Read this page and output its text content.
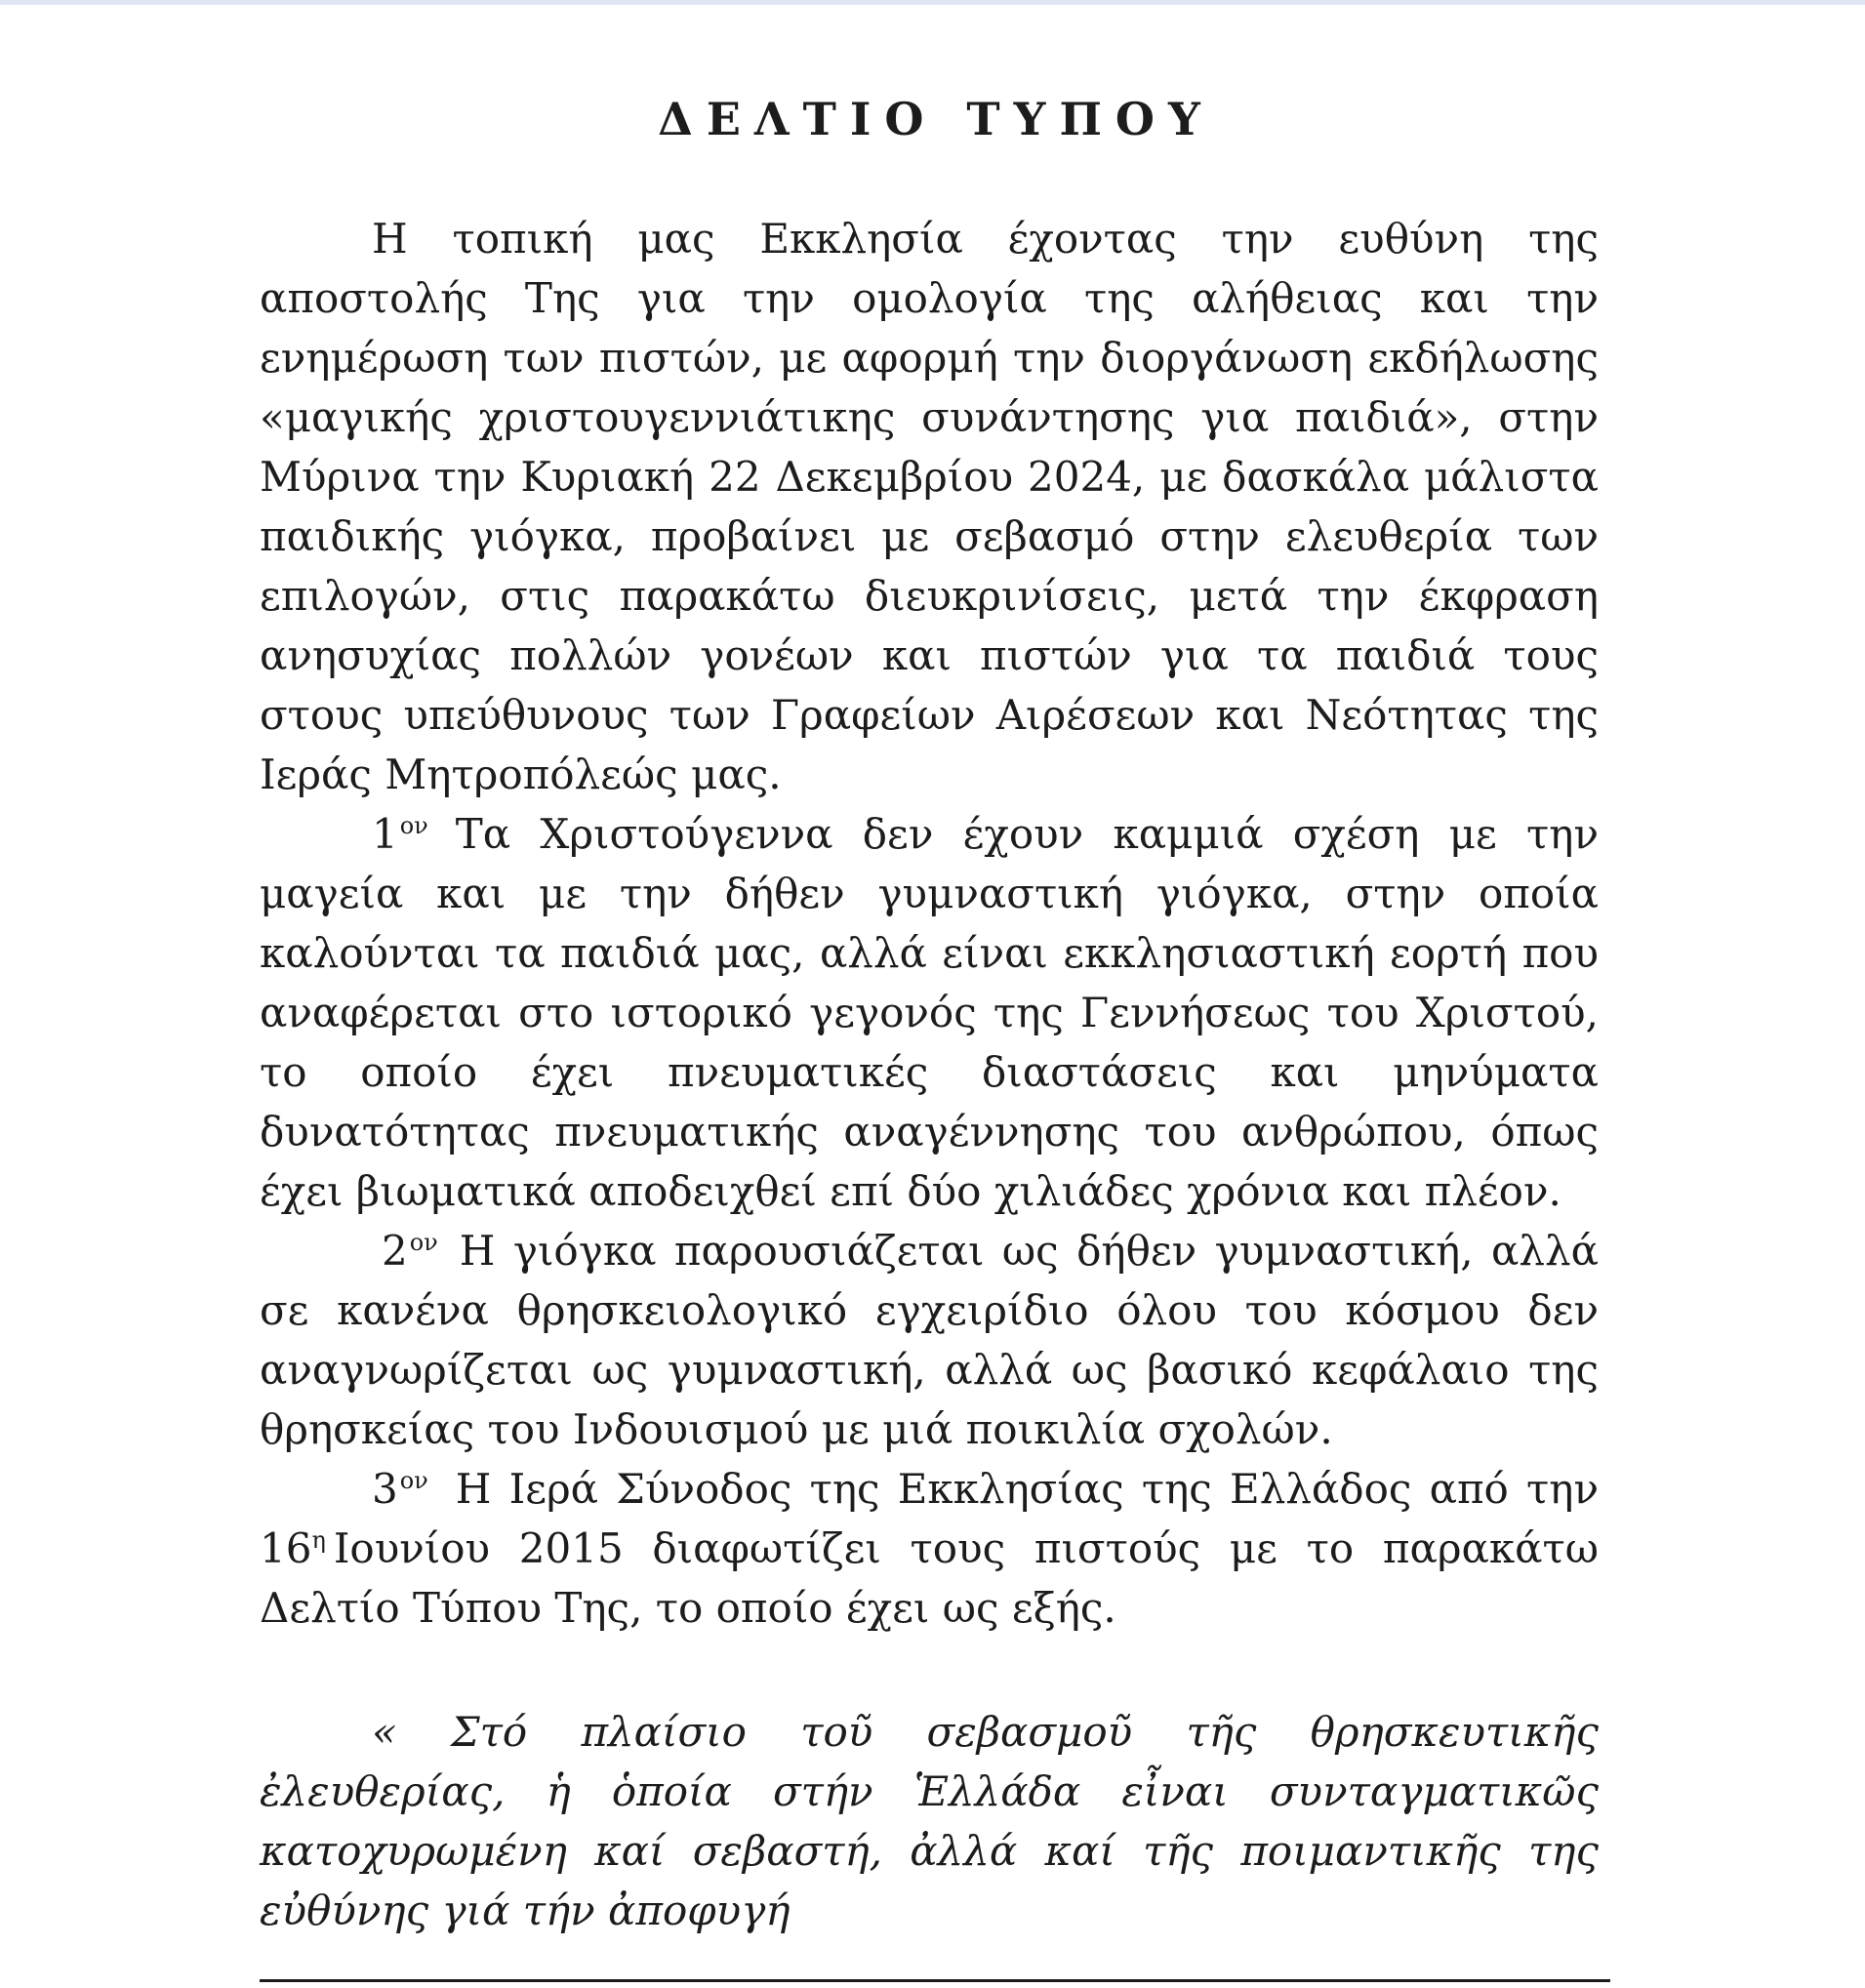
ΔΕΛΤΙΟ ΤΥΠΟΥ

Η τοπική μας Εκκλησία έχοντας την ευθύνη της αποστολής Της για την ομολογία της αλήθειας και την ενημέρωση των πιστών, με αφορμή την διοργάνωση εκδήλωσης «μαγικής χριστουγεννιάτικης συνάντησης για παιδιά», στην Μύρινα την Κυριακή 22 Δεκεμβρίου 2024, με δασκάλα μάλιστα παιδικής γιόγκα, προβαίνει με σεβασμό στην ελευθερία των επιλογών, στις παρακάτω διευκρινίσεις, μετά την έκφραση ανησυχίας πολλών γονέων και πιστών για τα παιδιά τους στους υπεύθυνους των Γραφείων Αιρέσεων και Νεότητας της Ιεράς Μητροπόλεώς μας.

$1^{o\nu}$ Τα Χριστούγεννα δεν έχουν καμμιά σχέση με την μαγεία και με την δήθεν γυμναστική γιόγκα, στην οποία καλούνται τα παιδιά μας, αλλά είναι εκκλησιαστική εορτή που αναφέρεται στο ιστορικό γεγονός της Γεννήσεως του Χριστού, το οποίο έχει πνευματικές διαστάσεις και μηνύματα δυνατότητας πνευματικής αναγέννησης του ανθρώπου, όπως έχει βιωματικά αποδειχθεί επί δύο χιλιάδες χρόνια και πλέον.

$2^{o\nu}$ Η γιόγκα παρουσιάζεται ως δήθεν γυμναστική, αλλά σε κανένα θρησκειολογικό εγχειρίδιο όλου του κόσμου δεν αναγνωρίζεται ως γυμναστική, αλλά ως βασικό κεφάλαιο της θρησκείας του Ινδουισμού με μιά ποικιλία σχολών.

$3^{o\nu}$ Η Ιερά Σύνοδος της Εκκλησίας της Ελλάδος από την $16^\eta$ Ιουνίου 2015 διαφωτίζει τους πιστούς με το παρακάτω Δελτίο Τύπου Της, το οποίο έχει ως εξής.

« Στό πλαίσιο τοῦ σεβασμοῦ τῆς θρησκευτικῆς ἐλευθερίας, ἡ ὁποία στήν Ἑλλάδα εἶναι συνταγματικῶς κατοχυρωμένη καί σεβαστή, ἀλλά καί τῆς ποιμαντικῆς της εὐθύνης γιά τήν ἀποφυγή
